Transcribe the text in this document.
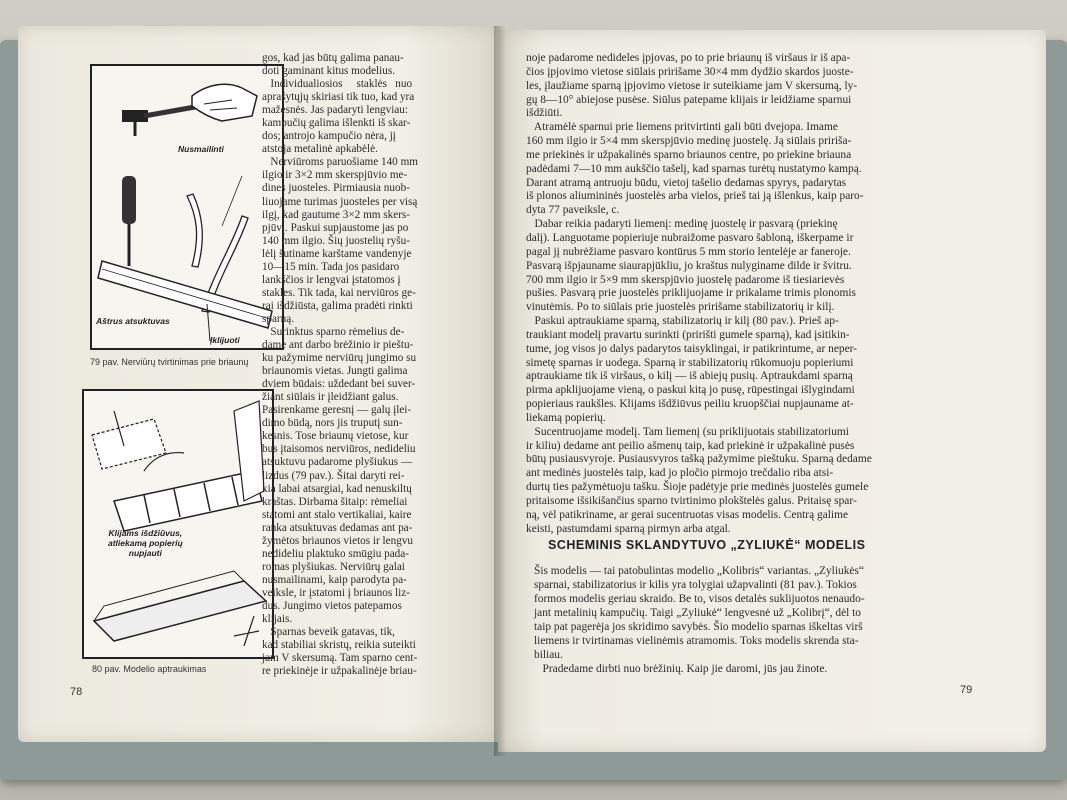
Nusmailinti
Aštrus atsuktuvas
Įklijuoti
79 pav. Nerviūrų tvirtinimas prie briaunų
Klijams išdžiūvus,
atliekamą popierių
nupjauti
80 pav. Modelio aptraukimas
78
gos, kad jas būtų galima panau-
doti gaminant kitus modelius.
Individualiosios     staklės   nuo
aprašytųjų skiriasi tik tuo, kad yra
mažesnės. Jas padaryti lengviau:
kampučių galima išlenkti iš skar-
dos; antrojo kampučio nėra, jį
atstoja metalinė apkabėlė.
Nerviūroms paruošiame 140 mm
ilgio ir 3×2 mm skerspjūvio me-
dines juosteles. Pirmiausia nuob-
liuojame turimas juosteles per visą
ilgį, kad gautume 3×2 mm skers-
pjūvį. Paskui supjaustome jas po
140 mm ilgio. Šių juostelių ryšu-
lėlį šutiname karštame vandenyje
10—15 min. Tada jos pasidaro
lankščios ir lengvai įstatomos į
stakles. Tik tada, kai nerviūros ge-
rai išdžiūsta, galima pradėti rinkti
sparną.
Surinktus sparno rėmelius de-
dame ant darbo brėžinio ir pieštu-
ku pažymime nerviūrų jungimo su
briaunomis vietas. Jungti galima
dviem būdais: uždedant bei suver-
žiant siūlais ir įleidžiant galus.
Pasirenkame geresnį — galų įlei-
dimo būdą, nors jis truputį sun-
kesnis. Tose briaunų vietose, kur
bus įtaisomos nerviūros, nedideliu
atsuktuvu padarome plyšiukus —
lizdus (79 pav.). Šitai daryti rei-
kia labai atsargiai, kad nenuskiltų
kraštas. Dirbama šitaip: rėmeliai
statomi ant stalo vertikaliai, kaire
ranka atsuktuvas dedamas ant pa-
žymėtos briaunos vietos ir lengvu
nedideliu plaktuko smūgiu pada-
romas plyšiukas. Nerviūrų galai
nusmailinami, kaip parodyta pa-
veiksle, ir įstatomi į briaunos liz-
dus. Jungimo vietos patepamos
klijais.
Sparnas beveik gatavas, tik,
kad stabiliai skristų, reikia suteikti
jam V skersumą. Tam sparno cent-
re priekinėje ir užpakalinėje briau-
noje padarome nedideles įpjovas, po to prie briaunų iš viršaus ir iš apa-
čios įpjovimo vietose siūlais pririšame 30×4 mm dydžio skardos juoste-
les, įlaužiame sparną įpjovimo vietose ir suteikiame jam V skersumą, ly-
gų 8—10° abiejose pusėse. Siūlus patepame klijais ir leidžiame sparnui
išdžiūti.
Atramėlė sparnui prie liemens pritvirtinti gali būti dvejopa. Imame
160 mm ilgio ir 5×4 mm skerspjūvio medinę juostelę. Ją siūlais pririša-
me priekinės ir užpakalinės sparno briaunos centre, po priekine briauna
padėdami 7—10 mm aukščio tašelį, kad sparnas turėtų nustatymo kampą.
Darant atramą antruoju būdu, vietoj tašelio dedamas spyrys, padarytas
iš plonos aliumininės juostelės arba vielos, prieš tai ją išlenkus, kaip paro-
dyta 77 paveiksle, c.
Dabar reikia padaryti liemenį: medinę juostelę ir pasvarą (priekinę
dalį). Languotame popieriuje nubraižome pasvaro šabloną, iškerpame ir
pagal jį nubrėžiame pasvaro kontūrus 5 mm storio lentelėje ar faneroje.
Pasvarą išpjauname siaurapjūkliu, jo kraštus nulyginame dilde ir švitru.
700 mm ilgio ir 5×9 mm skerspjūvio juostelę padarome iš tiesiarievės
pušies. Pasvarą prie juostelės priklijuojame ir prikalame trimis plonomis
vinutėmis. Po to siūlais prie juostelės pririšame stabilizatorių ir kilį.
Paskui aptraukiame sparną, stabilizatorių ir kilį (80 pav.). Prieš ap-
traukiant modelį pravartu surinkti (pririšti gumele sparną), kad įsitikin-
tume, jog visos jo dalys padarytos taisyklingai, ir patikrintume, ar neper-
simetę sparnas ir uodega. Sparną ir stabilizatorių rūkomuoju popieriumi
aptraukiame tik iš viršaus, o kilį — iš abiejų pusių. Aptraukdami sparną
pirma apklijuojame vieną, o paskui kitą jo pusę, rūpestingai išlygindami
popieriaus raukšles. Klijams išdžiūvus peiliu kruopščiai nupjauname at-
liekamą popierių.
Sucentruojame modelį. Tam liemenį (su priklijuotais stabilizatoriumi
ir kiliu) dedame ant peilio ašmenų taip, kad priekinė ir užpakalinė pusės
būtų pusiausvyroje. Pusiausvyros tašką pažymime pieštuku. Sparną dedame
ant medinės juostelės taip, kad jo pločio pirmojo trečdalio riba atsi-
durtų ties pažymėtuoju tašku. Šioje padėtyje prie medinės juostelės gumele
pritaisome išsikišančius sparno tvirtinimo plokštelės galus. Pritaisę spar-
ną, vėl patikriname, ar gerai sucentruotas visas modelis. Centrą galime
keisti, pastumdami sparną pirmyn arba atgal.
SCHEMINIS SKLANDYTUVO „ZYLIUKĖ“ MODELIS
Šis modelis — tai patobulintas modelio „Kolibris“ variantas. „Zyliukės“
sparnai, stabilizatorius ir kilis yra tolygiai užapvalinti (81 pav.). Tokios
formos modelis geriau skraido. Be to, visos detalės suklijuotos nenaudo-
jant metalinių kampučių. Taigi „Zyliukė“ lengvesnė už „Kolibrį“, dėl to
taip pat pagerėja jos skridimo savybės. Šio modelio sparnas iškeltas virš
liemens ir tvirtinamas vielinėmis atramomis. Toks modelis skrenda sta-
biliau.
Pradedame dirbti nuo brėžinių. Kaip jie daromi, jūs jau žinote.
79
